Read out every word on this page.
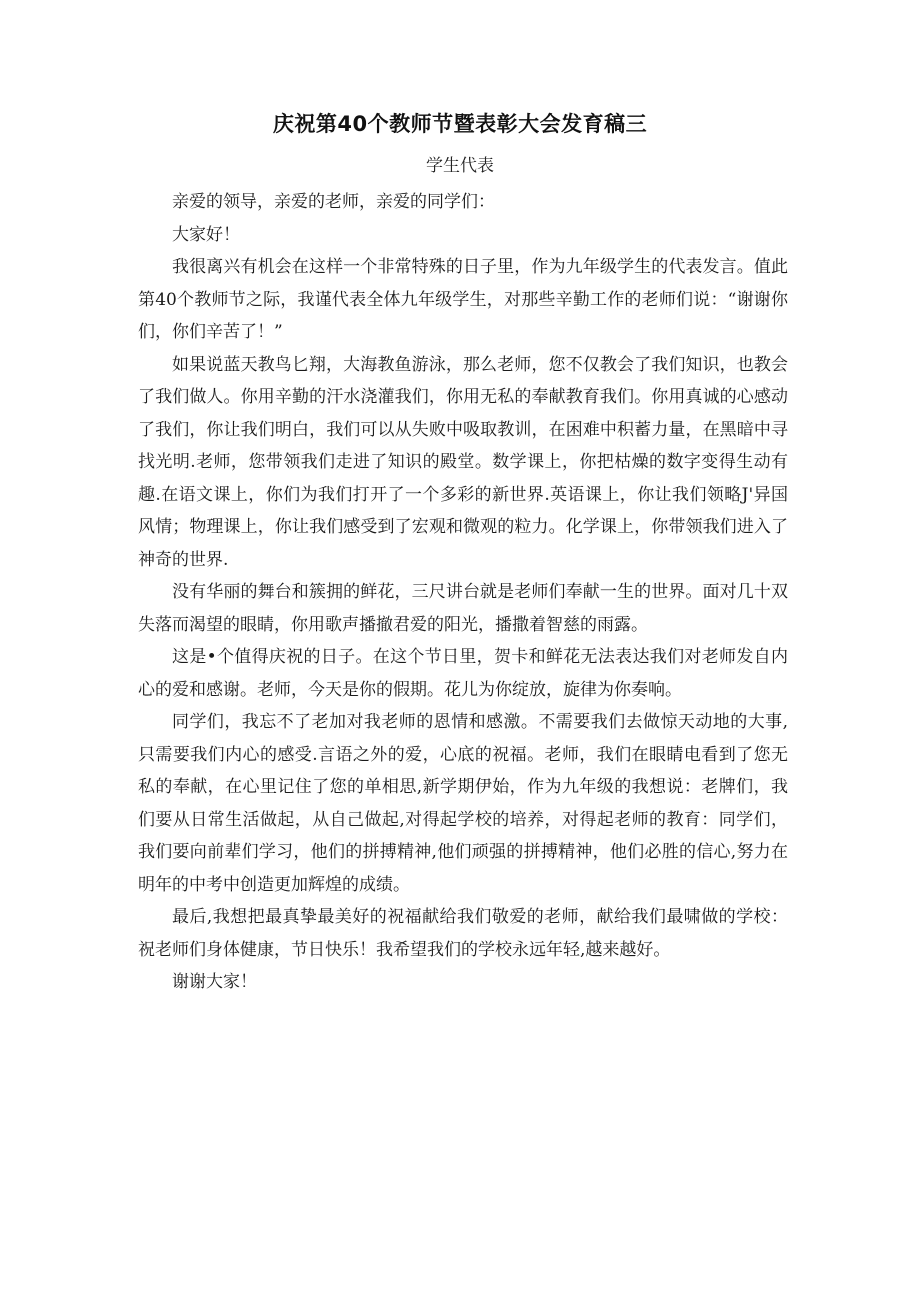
庆祝第40个教师节暨表彰大会发育稿三
学生代表

亲爱的领导，亲爱的老师，亲爱的同学们：

大家好！

我很离兴有机会在这样一个非常特殊的日子里，作为九年级学生的代表发言。值此第40个教师节之际，我谨代表全体九年级学生，对那些辛勤工作的老师们说：“谢谢你们，你们辛苦了！”

如果说蓝天教鸟匕翔，大海教鱼游泳，那么老师，您不仅教会了我们知识，也教会了我们做人。你用辛勤的汗水浇灌我们，你用无私的奉献教育我们。你用真诚的心感动了我们，你让我们明白，我们可以从失败中吸取教训，在困难中积蓄力量，在黑暗中寻找光明.老师，您带领我们走进了知识的殿堂。数学课上，你把枯燥的数字变得生动有趣.在语文课上，你们为我们打开了一个多彩的新世界.英语课上，你让我们领略J'异国风情；物理课上，你让我们感受到了宏观和微观的粒力。化学课上，你带领我们进入了神奇的世界.

没有华丽的舞台和簇拥的鲜花，三尺讲台就是老师们奉献一生的世界。面对几十双失落而渴望的眼睛，你用歌声播撤君爱的阳光，播撒着智慈的雨露。

这是•个值得庆祝的日子。在这个节日里，贺卡和鲜花无法表达我们对老师发自内心的爱和感谢。老师，今天是你的假期。花儿为你绽放，旋律为你奏响。

同学们，我忘不了老加对我老师的恩情和感激。不需要我们去做惊天动地的大事,只需要我们内心的感受.言语之外的爱，心底的祝福。老师，我们在眼睛电看到了您无私的奉献，在心里记住了您的单相思,新学期伊始，作为九年级的我想说：老牌们，我们要从日常生活做起，从自己做起,对得起学校的培养，对得起老师的教育：同学们，我们要向前辈们学习，他们的拼搏精神,他们顽强的拼搏精神，他们必胜的信心,努力在明年的中考中创造更加辉煌的成绩。

最后,我想把最真挚最美好的祝福献给我们敬爱的老师，献给我们最啸做的学校：祝老师们身体健康，节日快乐！我希望我们的学校永远年轻,越来越好。

谢谢大家！
